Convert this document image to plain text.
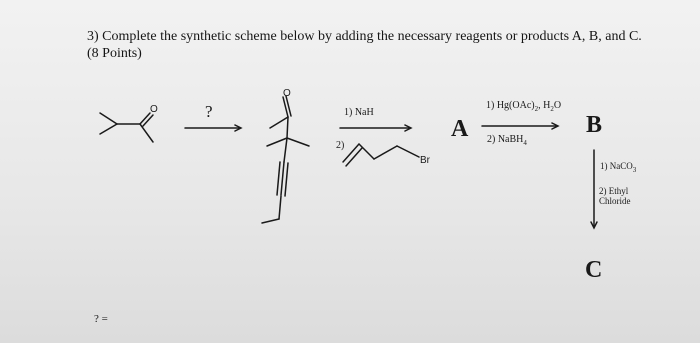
3) Complete the synthetic scheme below by adding the necessary reagents or products A, B, and C. (8 Points)
O	?
O
1) NaH
2)
Br
A
1) $Hg(OAc)_2$, $H_2O$
2) NaBH$_4$
B
1) NaCO$_3$
2) Ethyl Chloride
C
? =
